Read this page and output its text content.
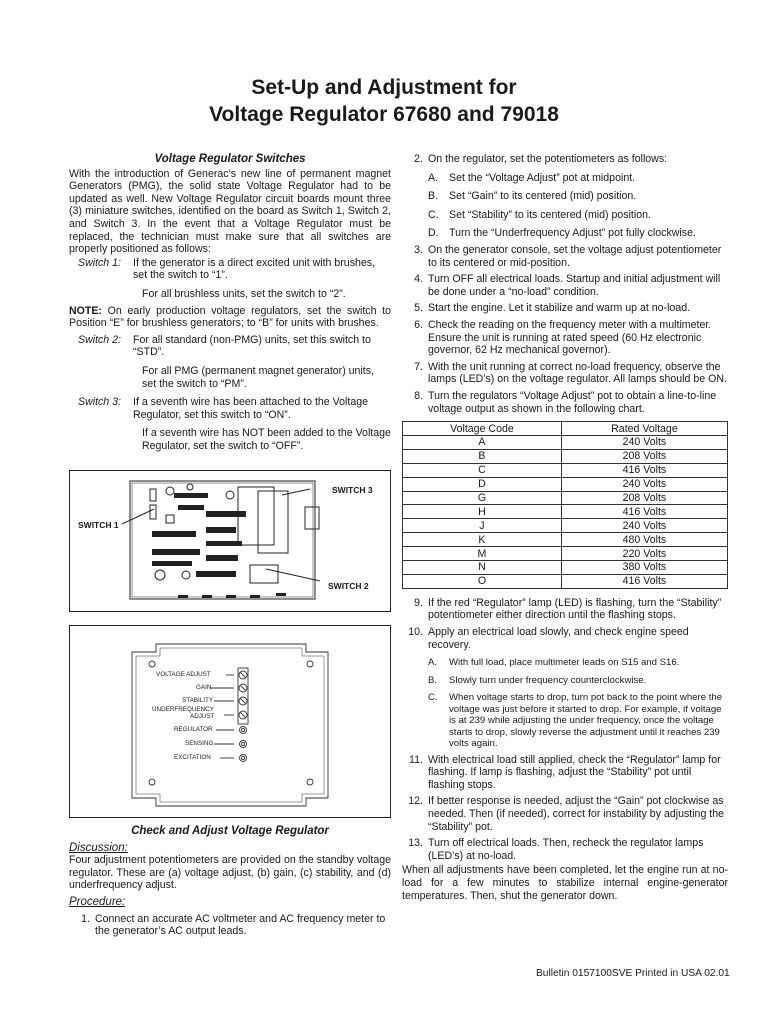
Set-Up and Adjustment for
Voltage Regulator 67680 and 79018
Voltage Regulator Switches
With the introduction of Generac’s new line of permanent magnet Generators (PMG), the solid state Voltage Regulator had to be updated as well. New Voltage Regulator circuit boards mount three (3) miniature switches, identified on the board as Switch 1, Switch 2, and Switch 3. In the event that a Voltage Regulator must be replaced, the technician must make sure that all switches are properly positioned as follows:
Switch 1:	If the generator is a direct excited unit with brushes, set the switch to “1”.
For all brushless units, set the switch to “2”.
NOTE: On early production voltage regulators, set the switch to Position “E” for brushless generators; to “B” for units with brushes.
Switch 2:	For all standard (non-PMG) units, set this switch to “STD”.
For all PMG (permanent magnet generator) units, set the switch to “PM”.
Switch 3:	If a seventh wire has been attached to the Voltage Regulator, set this switch to “ON”.
If a seventh wire has NOT been added to the Voltage Regulator, set the switch to “OFF”.
SWITCH 1
SWITCH 3
SWITCH 2
VOLTAGE ADJUST
GAIN
STABILITY
UNDERFREQUENCY
ADJUST
REGULATOR
SENSING
EXCITATION
Check and Adjust Voltage Regulator
Discussion:
Four adjustment potentiometers are provided on the standby voltage regulator. These are (a) voltage adjust, (b) gain, (c) stability, and (d) underfrequency adjust.
Procedure:
1. Connect an accurate AC voltmeter and AC frequency meter to the generator’s AC output leads.
2. On the regulator, set the potentiometers as follows:
A.	Set the “Voltage Adjust” pot at midpoint.
B.	Set “Gain” to its centered (mid) position.
C. Set “Stability” to its centered (mid) position.
D. Turn the “Underfrequency Adjust” pot fully clockwise.
3. On the generator console, set the voltage adjust potentiometer to its centered or mid-position.
4. Turn OFF all electrical loads. Startup and initial adjustment will be done under a “no-load” condition.
5. Start the engine. Let it stabilize and warm up at no-load.
6. Check the reading on the frequency meter with a multimeter. Ensure the unit is running at rated speed (60 Hz electronic governor, 62 Hz mechanical governor).
7. With the unit running at correct no-load frequency, observe the lamps (LED’s) on the voltage regulator. All lamps should be ON.
8. Turn the regulators “Voltage Adjust” pot to obtain a line-to-line voltage output as shown in the following chart.
Voltage Code	Rated Voltage
A	240 Volts
B	208 Volts
C	416 Volts
D	240 Volts
G	208 Volts
H	416 Volts
J	240 Volts
K	480 Volts
M	220 Volts
N	380 Volts
O	416 Volts
9. If the red “Regulator” lamp (LED) is flashing, turn the “Stability” potentiometer either direction until the flashing stops.
10. Apply an electrical load slowly, and check engine speed recovery.
A.	With full load, place multimeter leads on S15 and S16.
B.	Slowly turn under frequency counterclockwise.
C.	When voltage starts to drop, turn pot back to the point where the voltage was just before it started to drop. For example, if voltage is at 239 while adjusting the under frequency, once the voltage starts to drop, slowly reverse the adjustment until it reaches 239 volts again.
11. With electrical load still applied, check the “Regulator” lamp for flashing. If lamp is flashing, adjust the “Stability” pot until flashing stops.
12. If better response is needed, adjust the “Gain” pot clockwise as needed. Then (if needed), correct for instability by adjusting the “Stability” pot.
13. Turn off electrical loads. Then, recheck the regulator lamps (LED’s) at no-load.
When all adjustments have been completed, let the engine run at no-load for a few minutes to stabilize internal engine-generator temperatures. Then, shut the generator down.
Bulletin 0157100SVE Printed in USA 02.01
